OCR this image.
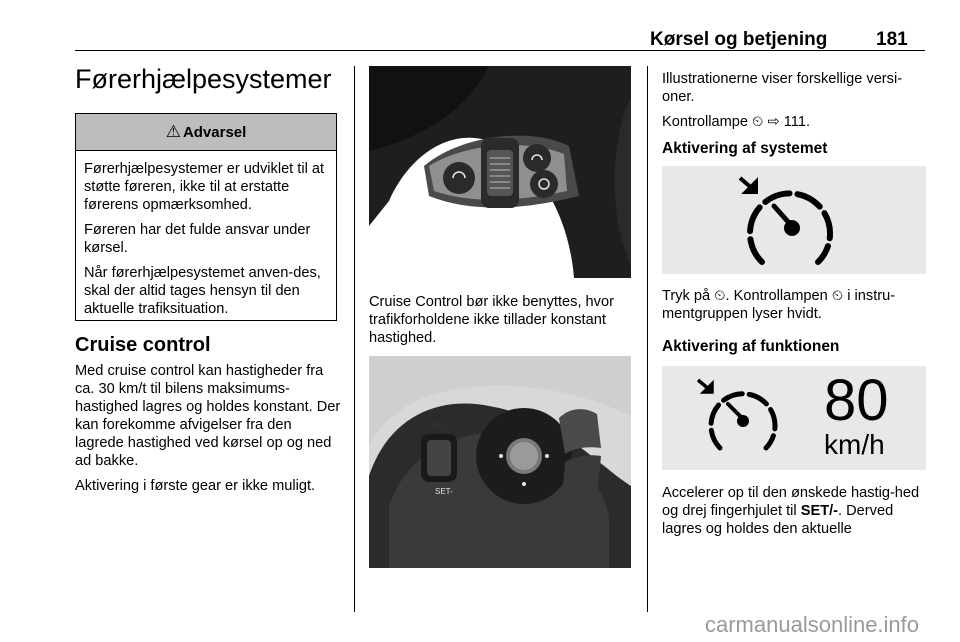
Kørsel og betjening	181
Førerhjælpesystemer
⚠ Advarsel

Førerhjælpesystemer er udviklet til at støtte føreren, ikke til at erstatte førerens opmærksomhed.

Føreren har det fulde ansvar under kørsel.

Når førerhjælpesystemet anven‐des, skal der altid tages hensyn til den aktuelle trafiksituation.

Cruise control

Med cruise control kan hastigheder fra ca. 30 km/t til bilens maksimums‐hastighed lagres og holdes konstant. Der kan forekomme afvigelser fra den lagrede hastighed ved kørsel op og ned ad bakke.

Aktivering i første gear er ikke muligt.

Cruise Control bør ikke benyttes, hvor trafikforholdene ikke tillader konstant hastighed.
RES+
SET-

Illustrationerne viser forskellige versi‐oner.

Kontrollampe ⏲ ⇨ 111.

Aktivering af systemet
Tryk på ⏲. Kontrollampen ⏲ i instru‐mentgruppen lyser hvidt.
Aktivering af funktionen
80
km/h
Accelerer op til den ønskede hastig‐hed og drej fingerhjulet til SET/-. Derved lagres og holdes den aktuelle
carmanualsonline.info
